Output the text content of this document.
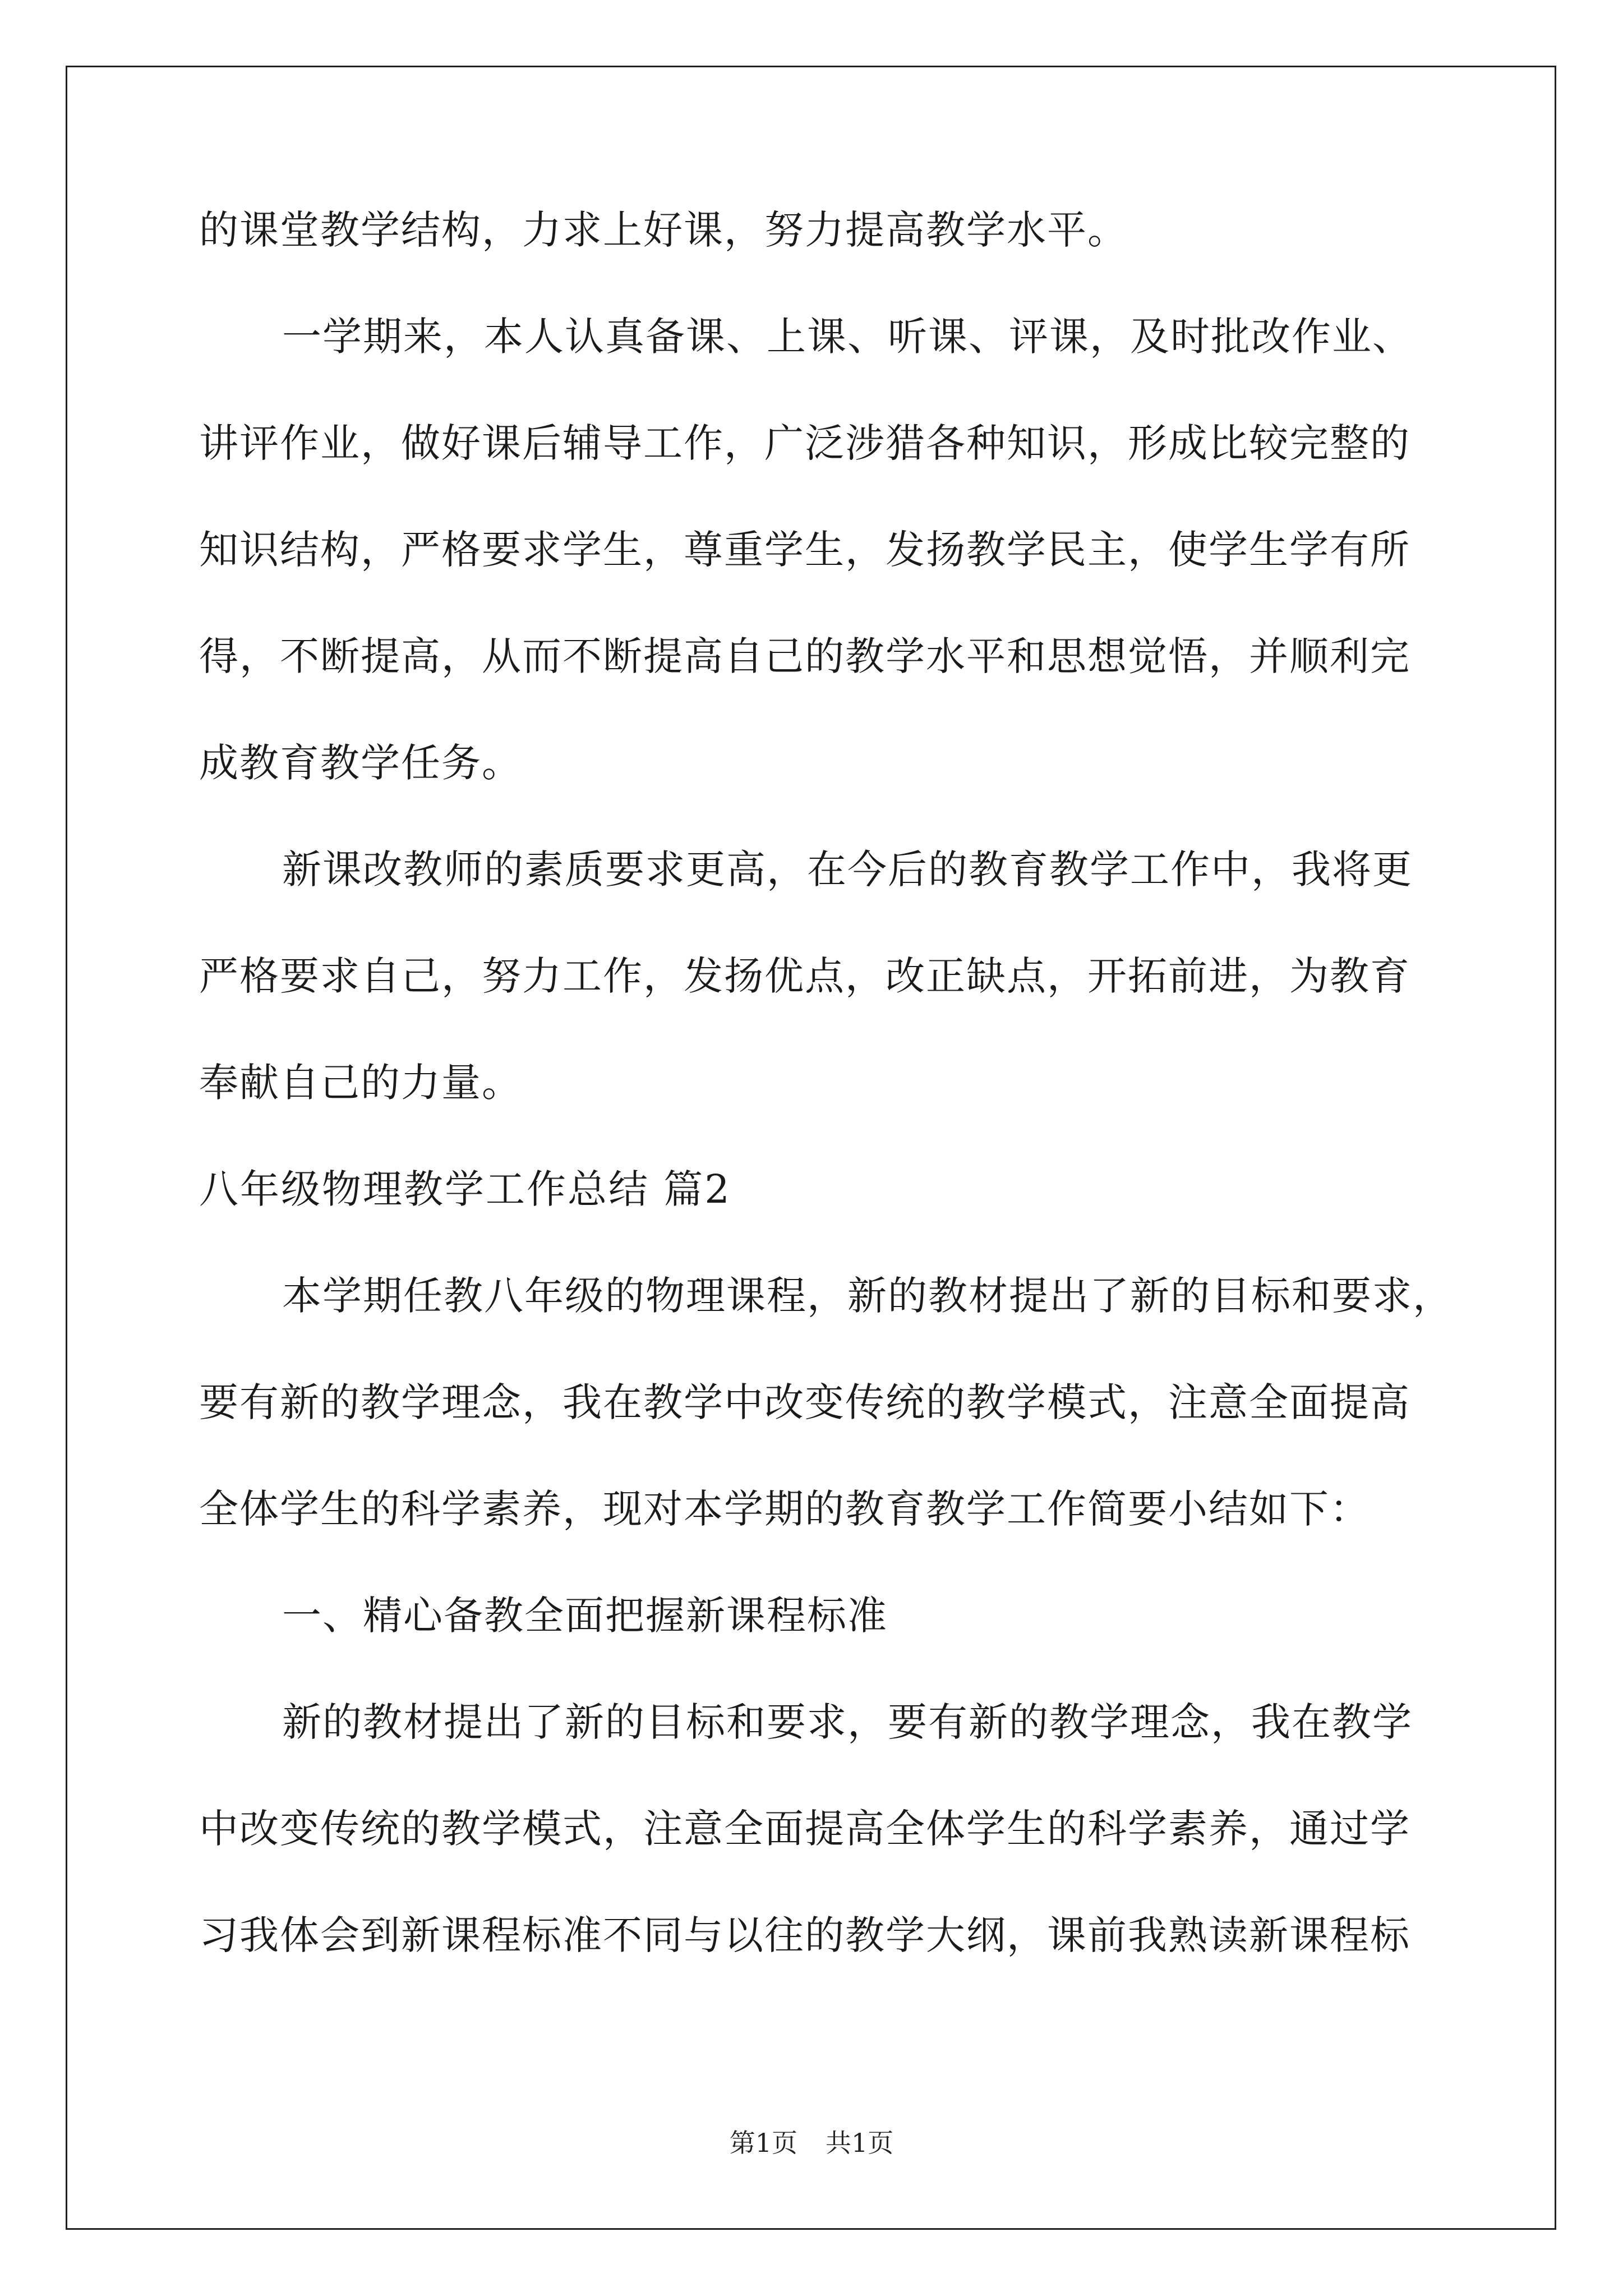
的课堂教学结构，力求上好课，努力提高教学水平。
一学期来，本人认真备课、上课、听课、评课，及时批改作业、
讲评作业，做好课后辅导工作，广泛涉猎各种知识，形成比较完整的
知识结构，严格要求学生，尊重学生，发扬教学民主，使学生学有所
得，不断提高，从而不断提高自己的教学水平和思想觉悟，并顺利完
成教育教学任务。
新课改教师的素质要求更高，在今后的教育教学工作中，我将更
严格要求自己，努力工作，发扬优点，改正缺点，开拓前进，为教育
奉献自己的力量。
八年级物理教学工作总结 篇2
本学期任教八年级的物理课程，新的教材提出了新的目标和要求，
要有新的教学理念，我在教学中改变传统的教学模式，注意全面提高
全体学生的科学素养，现对本学期的教育教学工作简要小结如下：
一、精心备教全面把握新课程标准
新的教材提出了新的目标和要求，要有新的教学理念，我在教学
中改变传统的教学模式，注意全面提高全体学生的科学素养，通过学
习我体会到新课程标准不同与以往的教学大纲，课前我熟读新课程标
第1页 共1页
